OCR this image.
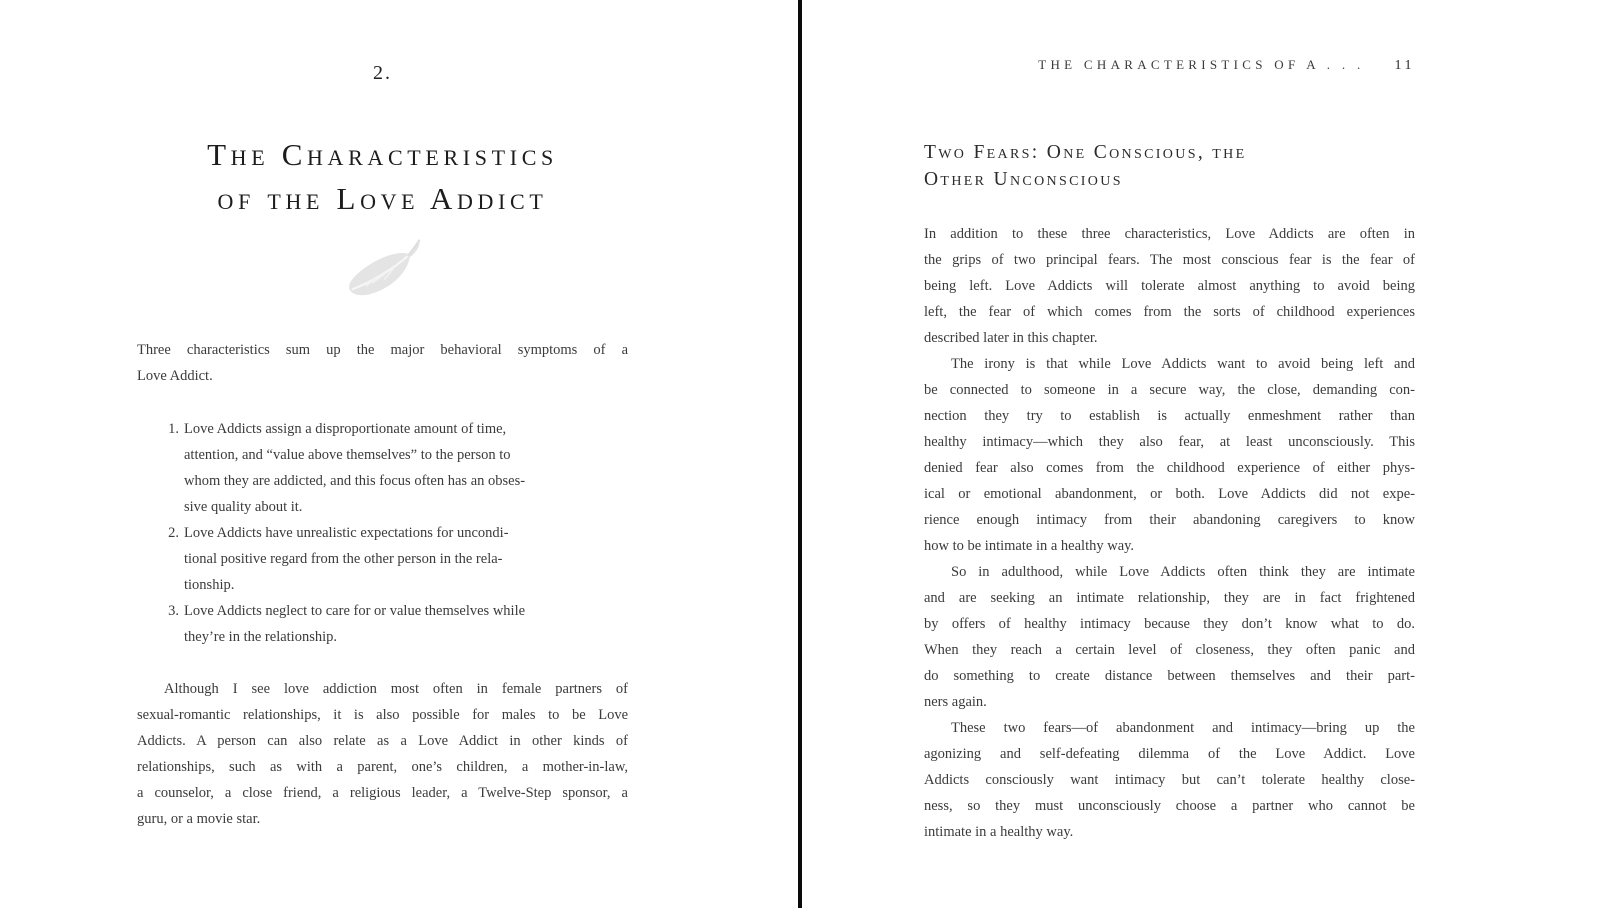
2.
The Characteristics
of the Love Addict
Three characteristics sum up the major behavioral symptoms of a
Love Addict.
1. Love Addicts assign a disproportionate amount of time,
attention, and “value above themselves” to the person to
whom they are addicted, and this focus often has an obses-
sive quality about it.
2. Love Addicts have unrealistic expectations for uncondi-
tional positive regard from the other person in the rela-
tionship.
3. Love Addicts neglect to care for or value themselves while
they’re in the relationship.
Although I see love addiction most often in female partners of
sexual-romantic relationships, it is also possible for males to be Love
Addicts. A person can also relate as a Love Addict in other kinds of
relationships, such as with a parent, one’s children, a mother-in-law,
a counselor, a close friend, a religious leader, a Twelve-Step sponsor, a
guru, or a movie star.
THE CHARACTERISTICS OF A . . . 11
Two Fears: One Conscious, the
Other Unconscious
In addition to these three characteristics, Love Addicts are often in
the grips of two principal fears. The most conscious fear is the fear of
being left. Love Addicts will tolerate almost anything to avoid being
left, the fear of which comes from the sorts of childhood experiences
described later in this chapter.
The irony is that while Love Addicts want to avoid being left and
be connected to someone in a secure way, the close, demanding con-
nection they try to establish is actually enmeshment rather than
healthy intimacy—which they also fear, at least unconsciously. This
denied fear also comes from the childhood experience of either phys-
ical or emotional abandonment, or both. Love Addicts did not expe-
rience enough intimacy from their abandoning caregivers to know
how to be intimate in a healthy way.
So in adulthood, while Love Addicts often think they are intimate
and are seeking an intimate relationship, they are in fact frightened
by offers of healthy intimacy because they don’t know what to do.
When they reach a certain level of closeness, they often panic and
do something to create distance between themselves and their part-
ners again.
These two fears—of abandonment and intimacy—bring up the
agonizing and self-defeating dilemma of the Love Addict. Love
Addicts consciously want intimacy but can’t tolerate healthy close-
ness, so they must unconsciously choose a partner who cannot be
intimate in a healthy way.
